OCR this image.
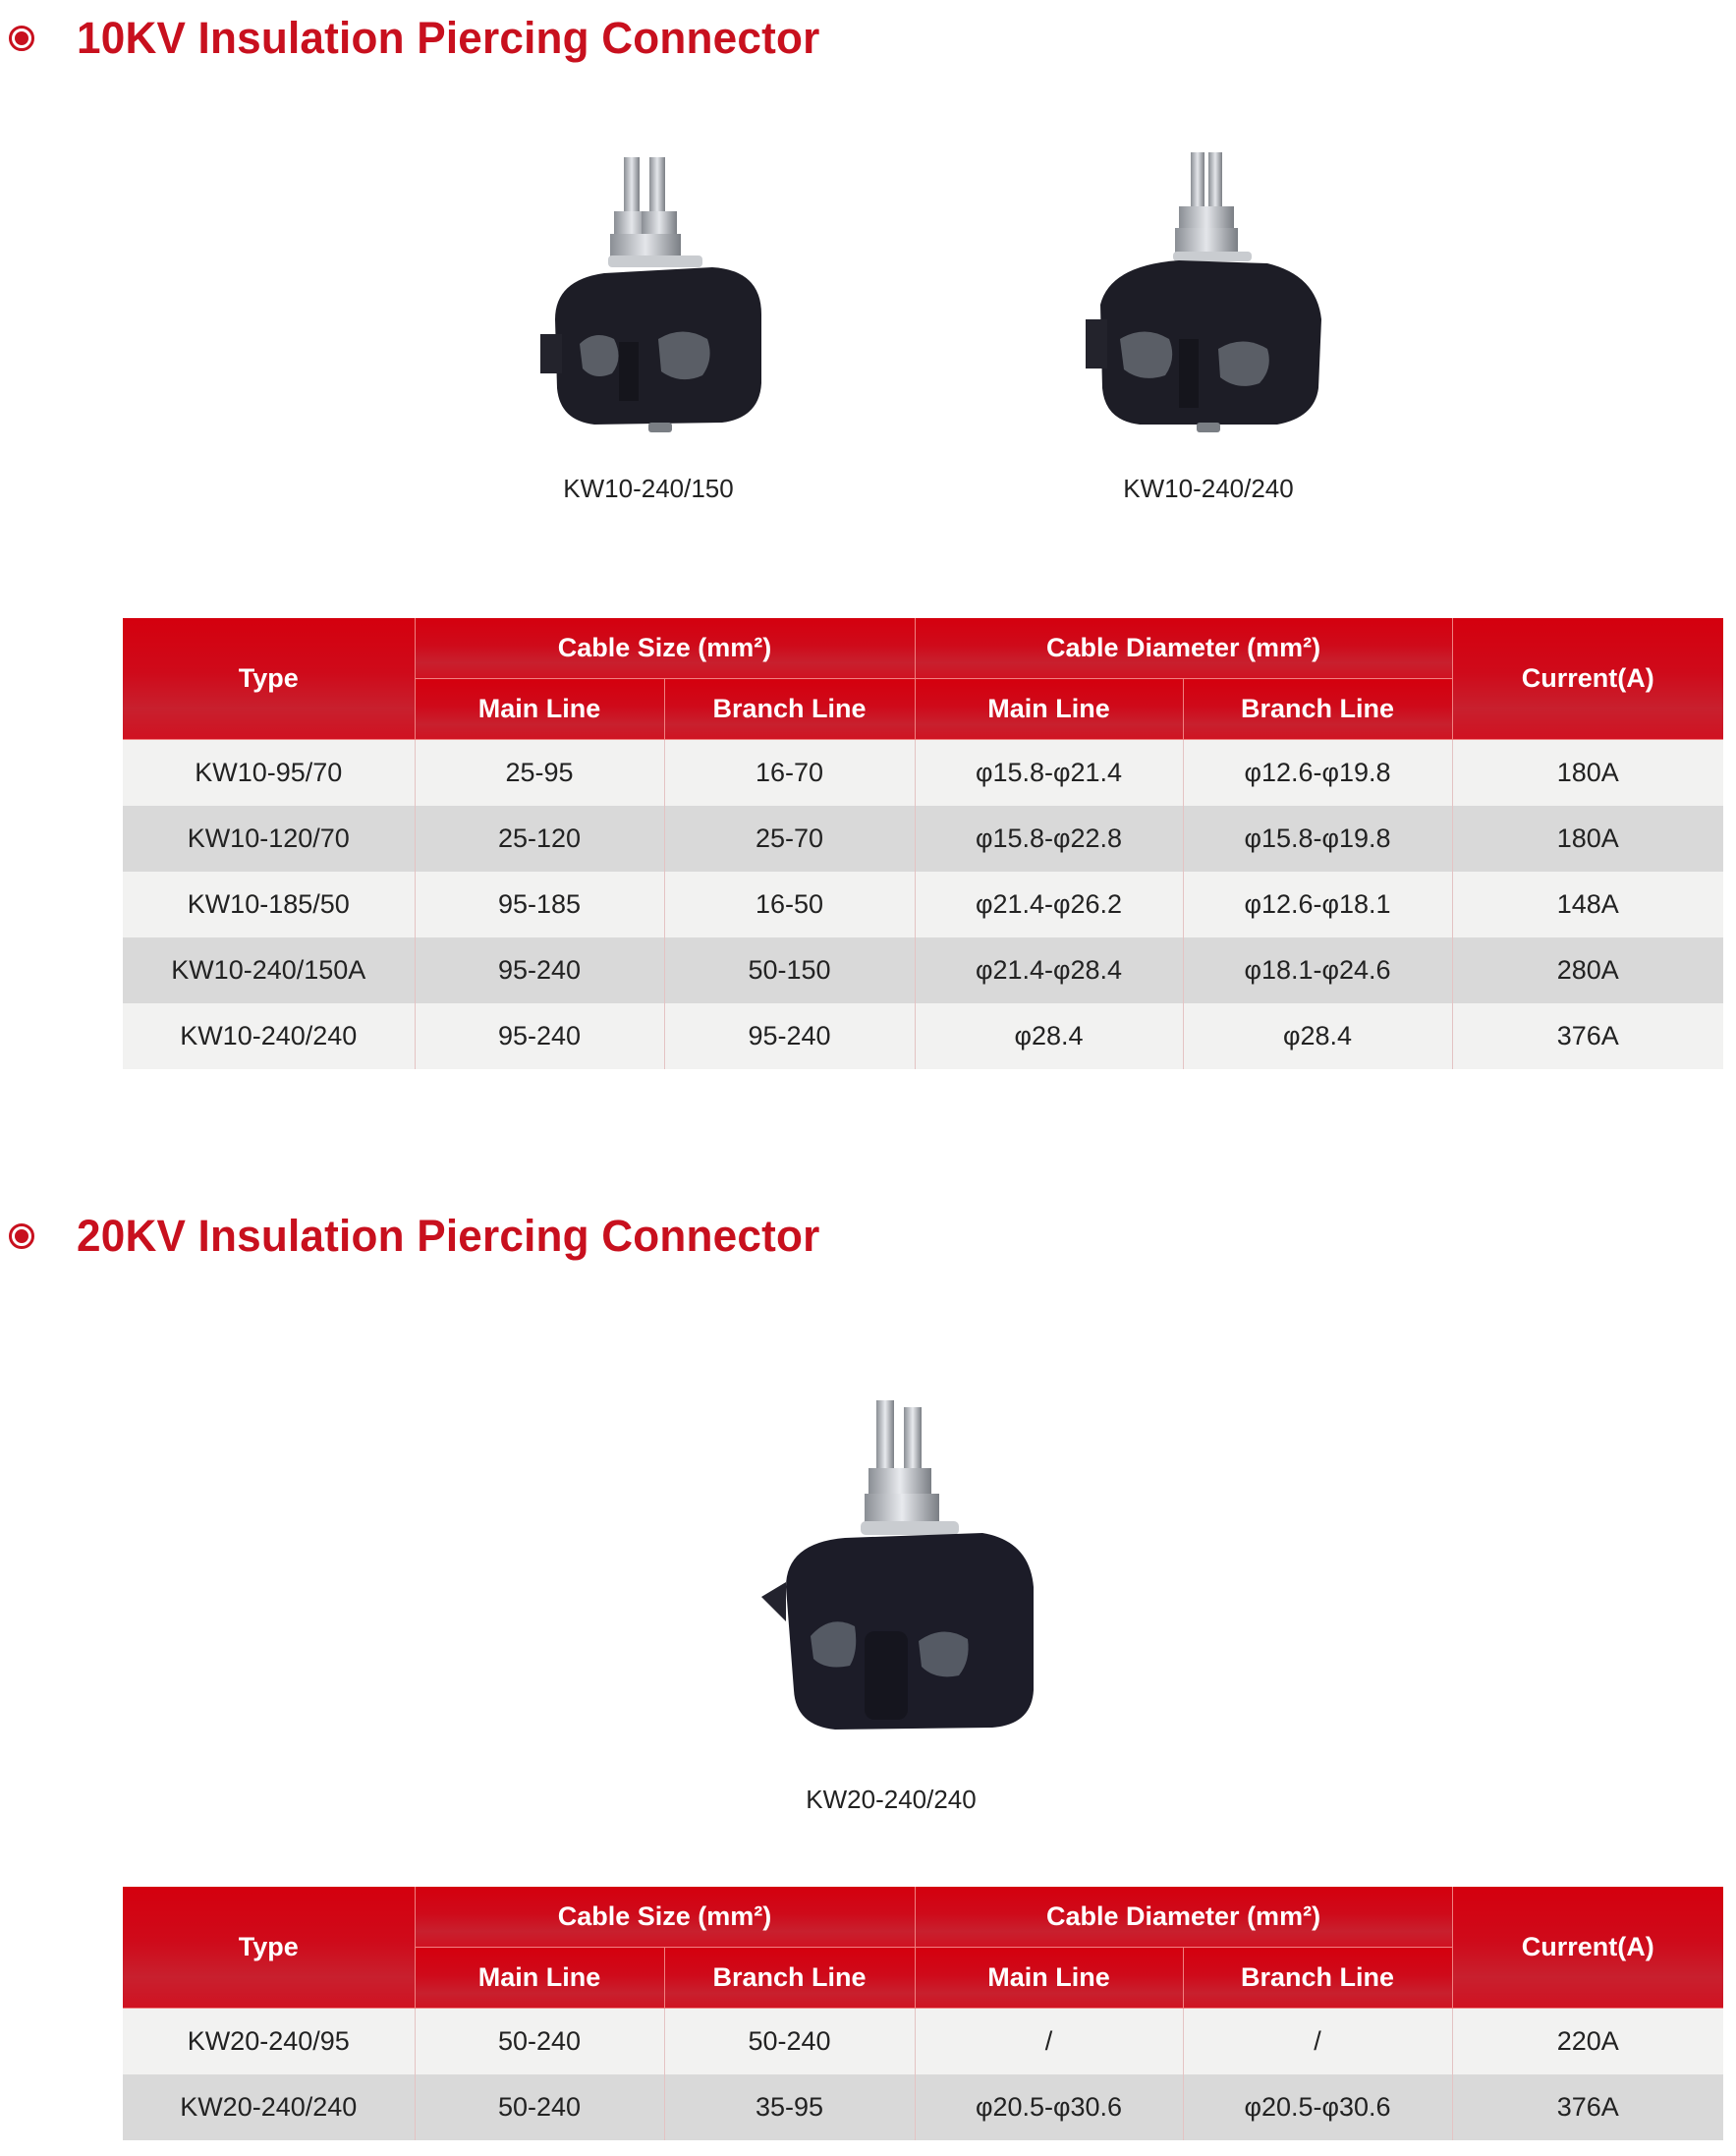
10KV Insulation Piercing Connector
KW10-240/150	KW10-240/240
Type	Cable Size (mm²)		Cable Diameter (mm²)		Current(A)
	Main Line	Branch Line	Main Line	Branch Line	
KW10-95/70	25-95	16-70	φ15.8-φ21.4	φ12.6-φ19.8	180A
KW10-120/70	25-120	25-70	φ15.8-φ22.8	φ15.8-φ19.8	180A
KW10-185/50	95-185	16-50	φ21.4-φ26.2	φ12.6-φ18.1	148A
KW10-240/150A	95-240	50-150	φ21.4-φ28.4	φ18.1-φ24.6	280A
KW10-240/240	95-240	95-240	φ28.4	φ28.4	376A
20KV Insulation Piercing Connector
KW20-240/240
Type	Cable Size (mm²)		Cable Diameter (mm²)		Current(A)
	Main Line	Branch Line	Main Line	Branch Line	
KW20-240/95	50-240	50-240	/	/	220A
KW20-240/240	50-240	35-95	φ20.5-φ30.6	φ20.5-φ30.6	376A
